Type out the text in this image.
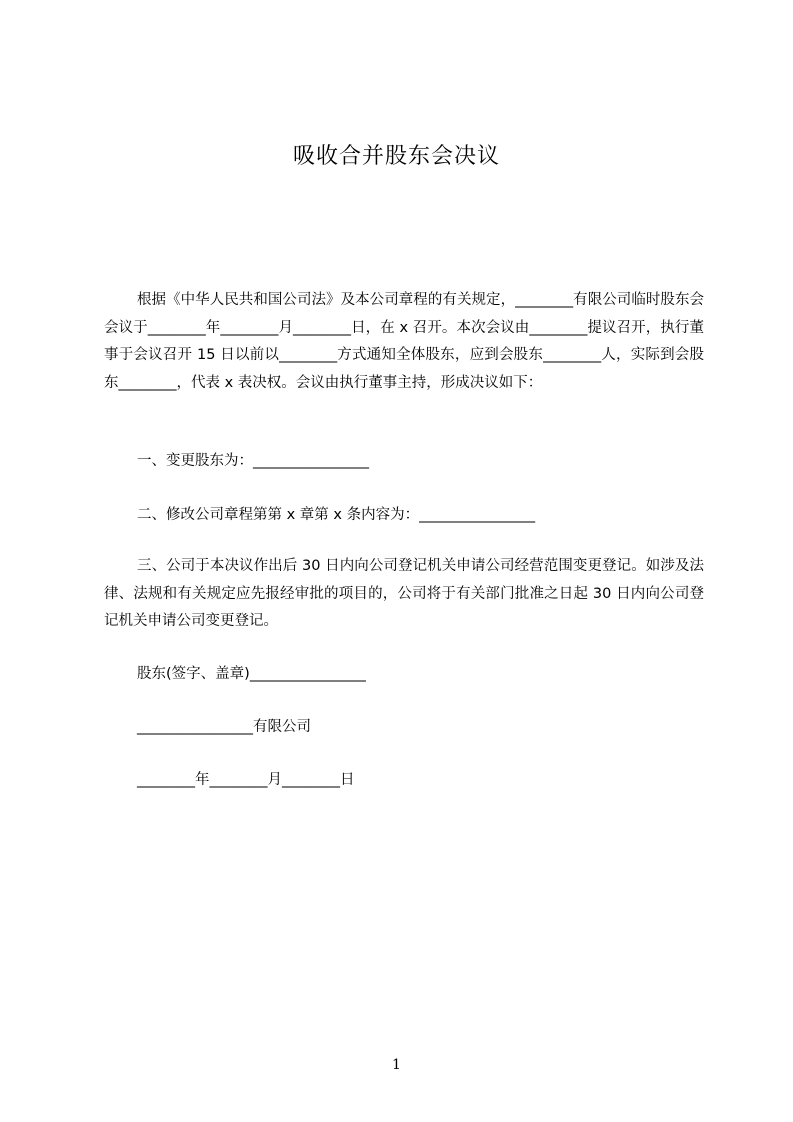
吸收合并股东会决议
根据《中华人民共和国公司法》及本公司章程的有关规定，________有限公司临时股东会会议于________年________月________日，在 x 召开。本次会议由________提议召开，执行董事于会议召开 15 日以前以________方式通知全体股东，应到会股东________人，实际到会股东________，代表 x 表决权。会议由执行董事主持，形成决议如下：
一、变更股东为：________________
二、修改公司章程第第 x 章第 x 条内容为：________________
三、公司于本决议作出后 30 日内向公司登记机关申请公司经营范围变更登记。如涉及法律、法规和有关规定应先报经审批的项目的，公司将于有关部门批准之日起 30 日内向公司登记机关申请公司变更登记。
股东(签字、盖章)________________
________________有限公司
________年________月________日
1
